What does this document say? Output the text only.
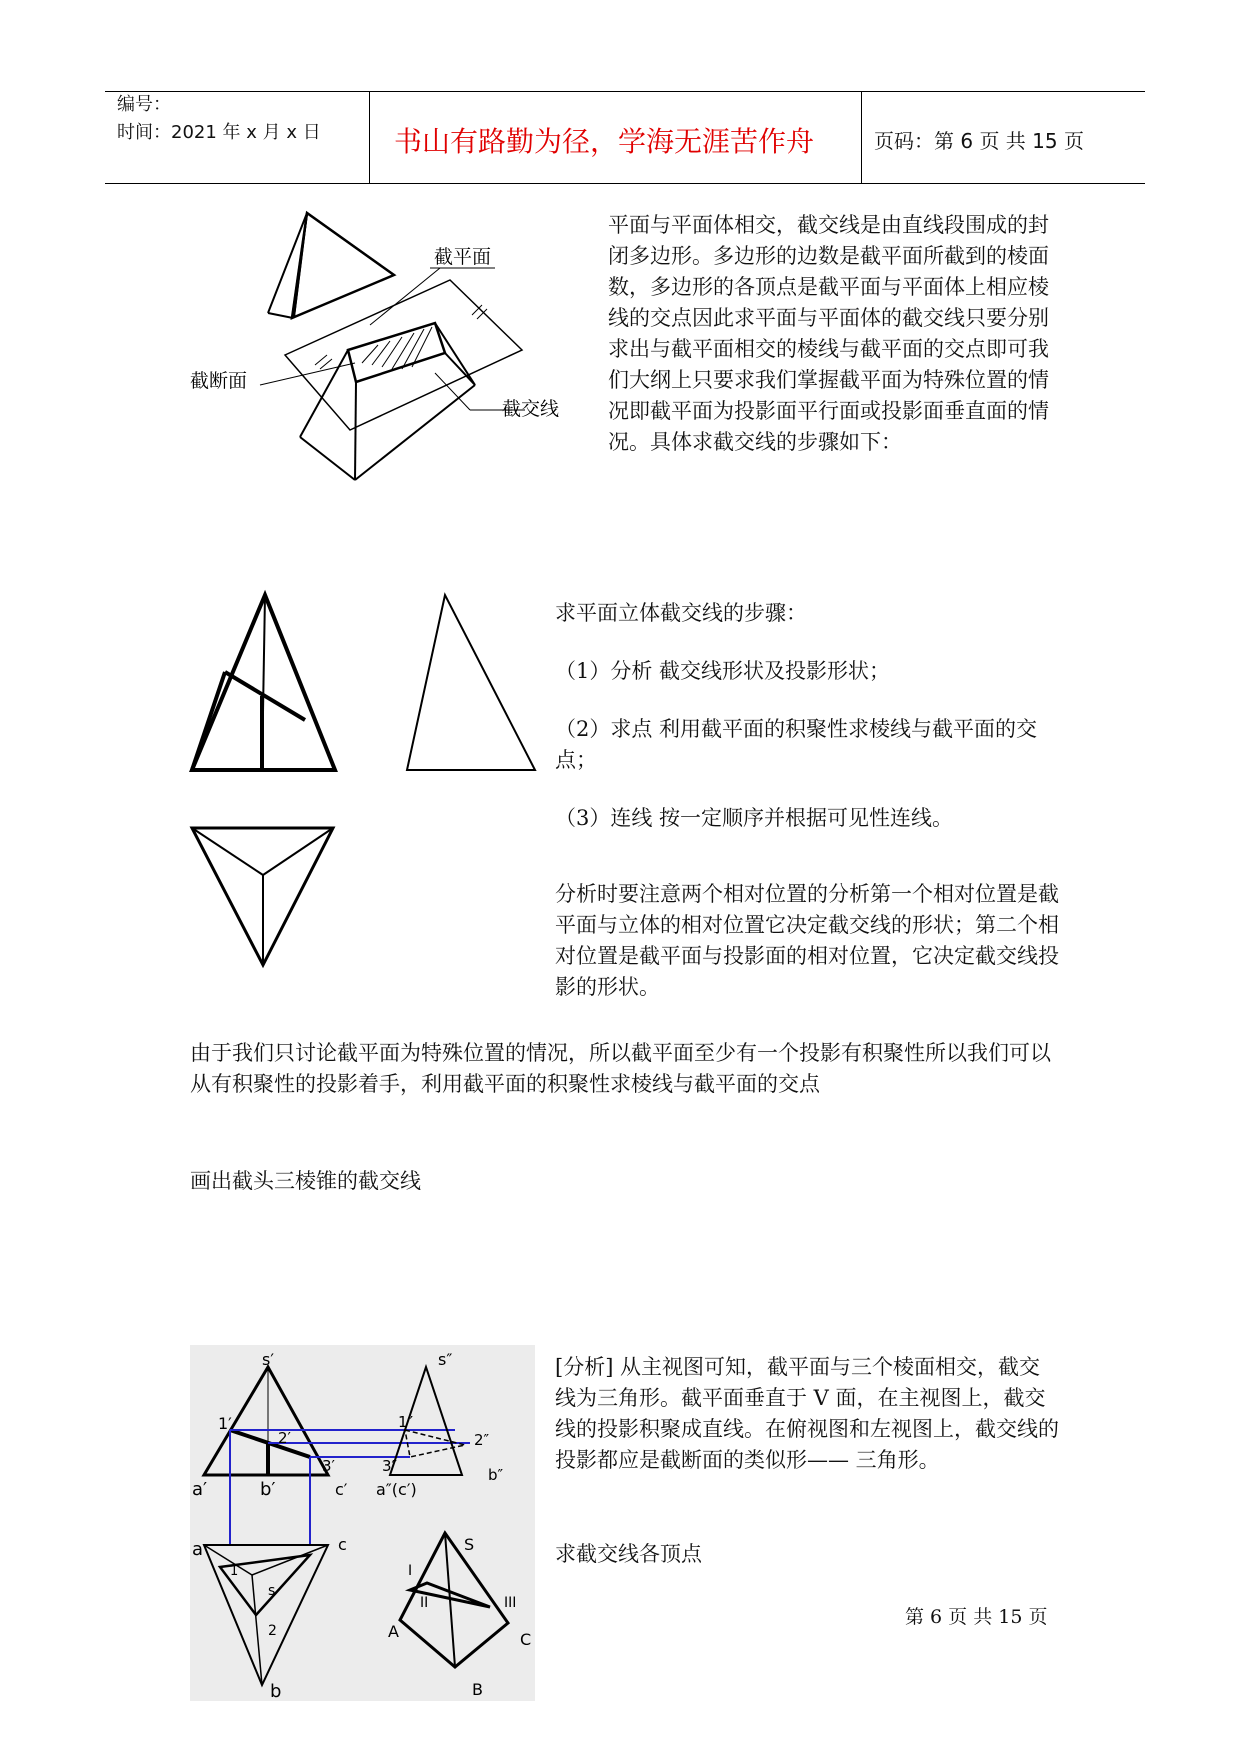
编号：
时间：2021 年 x 月 x 日	书山有路勤为径，学海无涯苦作舟	页码：第 6 页 共 15 页
截平面
截断面
截交线
平面与平面体相交，截交线是由直线段围成的封闭多边形。多边形的边数是截平面所截到的棱面数，多边形的各顶点是截平面与平面体上相应棱线的交点因此求平面与平面体的截交线只要分别求出与截平面相交的棱线与截平面的交点即可我们大纲上只要求我们掌握截平面为特殊位置的情况即截平面为投影面平行面或投影面垂直面的情况。具体求截交线的步骤如下：

求平面立体截交线的步骤：

（1）分析 截交线形状及投影形状；

（2）求点 利用截平面的积聚性求棱线与截平面的交点；

（3）连线 按一定顺序并根据可见性连线。

分析时要注意两个相对位置的分析第一个相对位置是截平面与立体的相对位置它决定截交线的形状；第二个相对位置是截平面与投影面的相对位置，它决定截交线投影的形状。
由于我们只讨论截平面为特殊位置的情况，所以截平面至少有一个投影有积聚性所以我们可以从有积聚性的投影着手，利用截平面的积聚性求棱线与截平面的交点
画出截头三棱锥的截交线
s′	s″
1′
2′
3′
1″
2″
3″
a′	b′	c′ a″(c′)
b″
a	c
s
1
2
b
S
I
II	III
A
B
C
[分析] 从主视图可知，截平面与三个棱面相交，截交线为三角形。截平面垂直于 V 面，在主视图上，截交线的投影积聚成直线。在俯视图和左视图上，截交线的投影都应是截断面的类似形—— 三角形。
求截交线各顶点
第 6 页 共 15 页
